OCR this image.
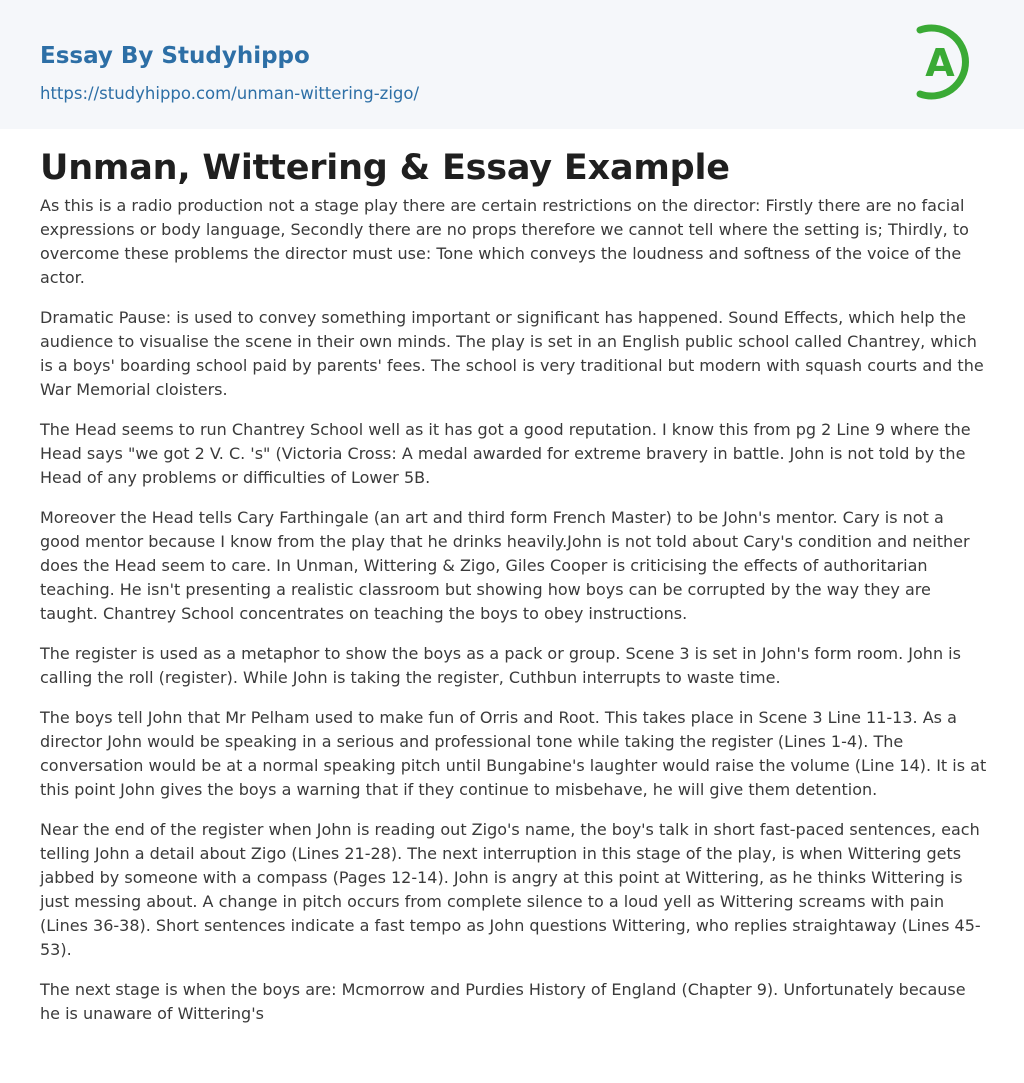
Essay By Studyhippo
https://studyhippo.com/unman-wittering-zigo/
A
Unman, Wittering & Essay Example

As this is a radio production not a stage play there are certain restrictions on the director: Firstly there are no facial expressions or body language, Secondly there are no props therefore we cannot tell where the setting is; Thirdly, to overcome these problems the director must use: Tone which conveys the loudness and softness of the voice of the actor.

Dramatic Pause: is used to convey something important or significant has happened. Sound Effects, which help the audience to visualise the scene in their own minds. The play is set in an English public school called Chantrey, which is a boys' boarding school paid by parents' fees. The school is very traditional but modern with squash courts and the War Memorial cloisters.

The Head seems to run Chantrey School well as it has got a good reputation. I know this from pg 2 Line 9 where the Head says "we got 2 V. C. 's" (Victoria Cross: A medal awarded for extreme bravery in battle. John is not told by the Head of any problems or difficulties of Lower 5B.

Moreover the Head tells Cary Farthingale (an art and third form French Master) to be John's mentor. Cary is not a good mentor because I know from the play that he drinks heavily.John is not told about Cary's condition and neither does the Head seem to care. In Unman, Wittering & Zigo, Giles Cooper is criticising the effects of authoritarian teaching. He isn't presenting a realistic classroom but showing how boys can be corrupted by the way they are taught. Chantrey School concentrates on teaching the boys to obey instructions.

The register is used as a metaphor to show the boys as a pack or group. Scene 3 is set in John's form room. John is calling the roll (register). While John is taking the register, Cuthbun interrupts to waste time.

The boys tell John that Mr Pelham used to make fun of Orris and Root. This takes place in Scene 3 Line 11-13. As a director John would be speaking in a serious and professional tone while taking the register (Lines 1-4). The conversation would be at a normal speaking pitch until Bungabine's laughter would raise the volume (Line 14). It is at this point John gives the boys a warning that if they continue to misbehave, he will give them detention.

Near the end of the register when John is reading out Zigo's name, the boy's talk in short fast-paced sentences, each telling John a detail about Zigo (Lines 21-28). The next interruption in this stage of the play, is when Wittering gets jabbed by someone with a compass (Pages 12-14). John is angry at this point at Wittering, as he thinks Wittering is just messing about. A change in pitch occurs from complete silence to a loud yell as Wittering screams with pain (Lines 36-38). Short sentences indicate a fast tempo as John questions Wittering, who replies straightaway (Lines 45-53).

The next stage is when the boys are: Mcmorrow and Purdies History of England (Chapter 9). Unfortunately because he is unaware of Wittering's
